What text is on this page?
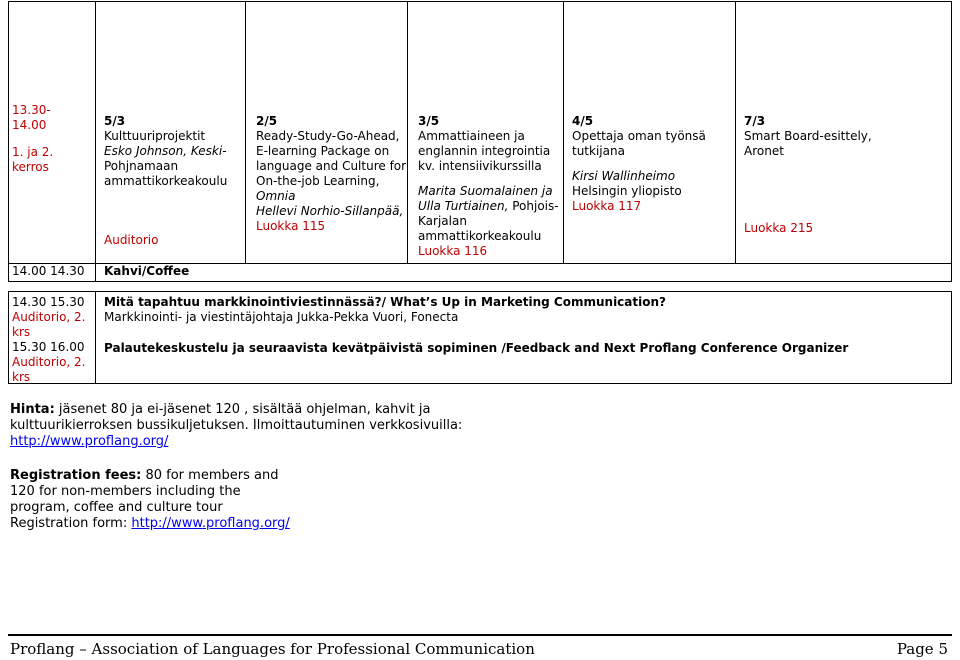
13.30-
14.00
1. ja 2.
kerros
5/3
Kulttuuriprojektit
Esko Johnson, Keski-
Pohjnamaan
ammattikorkeakoulu
Auditorio
2/5
Ready-Study-Go-Ahead,
E-learning Package on
language and Culture for
On-the-job Learning,
Omnia
Hellevi Norhio-Sillanpää,
Luokka 115
3/5
Ammattiaineen ja
englannin integrointia
kv. intensiivikurssilla
Marita Suomalainen ja
Ulla Turtiainen, Pohjois-
Karjalan
ammattikorkeakoulu
Luokka 116
4/5
Opettaja oman työnsä
tutkijana
Kirsi Wallinheimo
Helsingin yliopisto
Luokka 117
7/3
Smart Board-esittely,
Aronet
Luokka 215
14.00 14.30 Kahvi/Coffee
14.30 15.30
Auditorio, 2.
krs
15.30 16.00
Auditorio, 2.
krs
Mitä tapahtuu markkinointiviestinnässä?/ What’s Up in Marketing Communication?
Markkinointi- ja viestintäjohtaja Jukka-Pekka Vuori, Fonecta
Palautekeskustelu ja seuraavista kevätpäivistä sopiminen /Feedback and Next Proflang Conference Organizer
Hinta: jäsenet 80 ja ei-jäsenet 120 , sisältää ohjelman, kahvit ja
kulttuurikierroksen bussikuljetuksen. Ilmoittautuminen verkkosivuilla:
http://www.proflang.org/
Registration fees: 80 for members and
120 for non-members including the
program, coffee and culture tour
Registration form: http://www.proflang.org/
Proflang – Association of Languages for Professional Communication	Page 5
